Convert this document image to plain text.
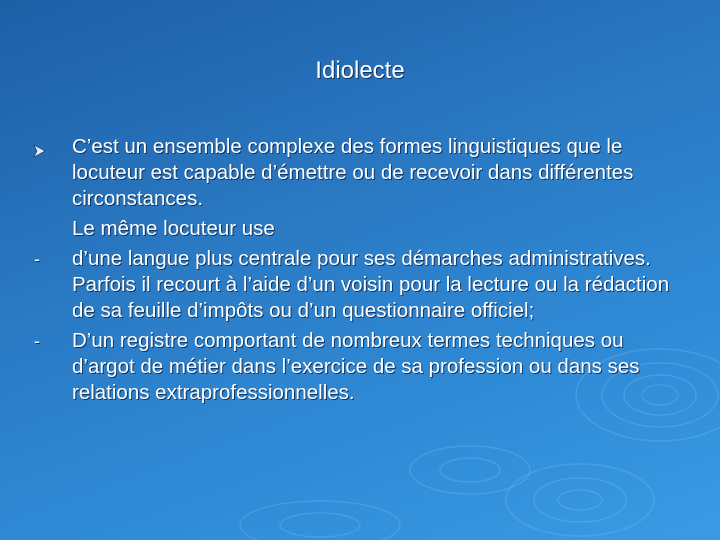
Idiolecte
C’est un ensemble complexe des formes linguistiques que le locuteur est capable d’émettre ou de recevoir dans différentes circonstances.
Le même locuteur use
- d’une langue plus centrale pour ses démarches administratives. Parfois il recourt à l’aide d’un voisin pour la lecture ou la rédaction de sa feuille d’impôts ou d’un questionnaire officiel;
- D’un registre comportant de nombreux termes techniques ou d’argot de métier dans l’exercice de sa profession ou dans ses relations extraprofessionnelles.
